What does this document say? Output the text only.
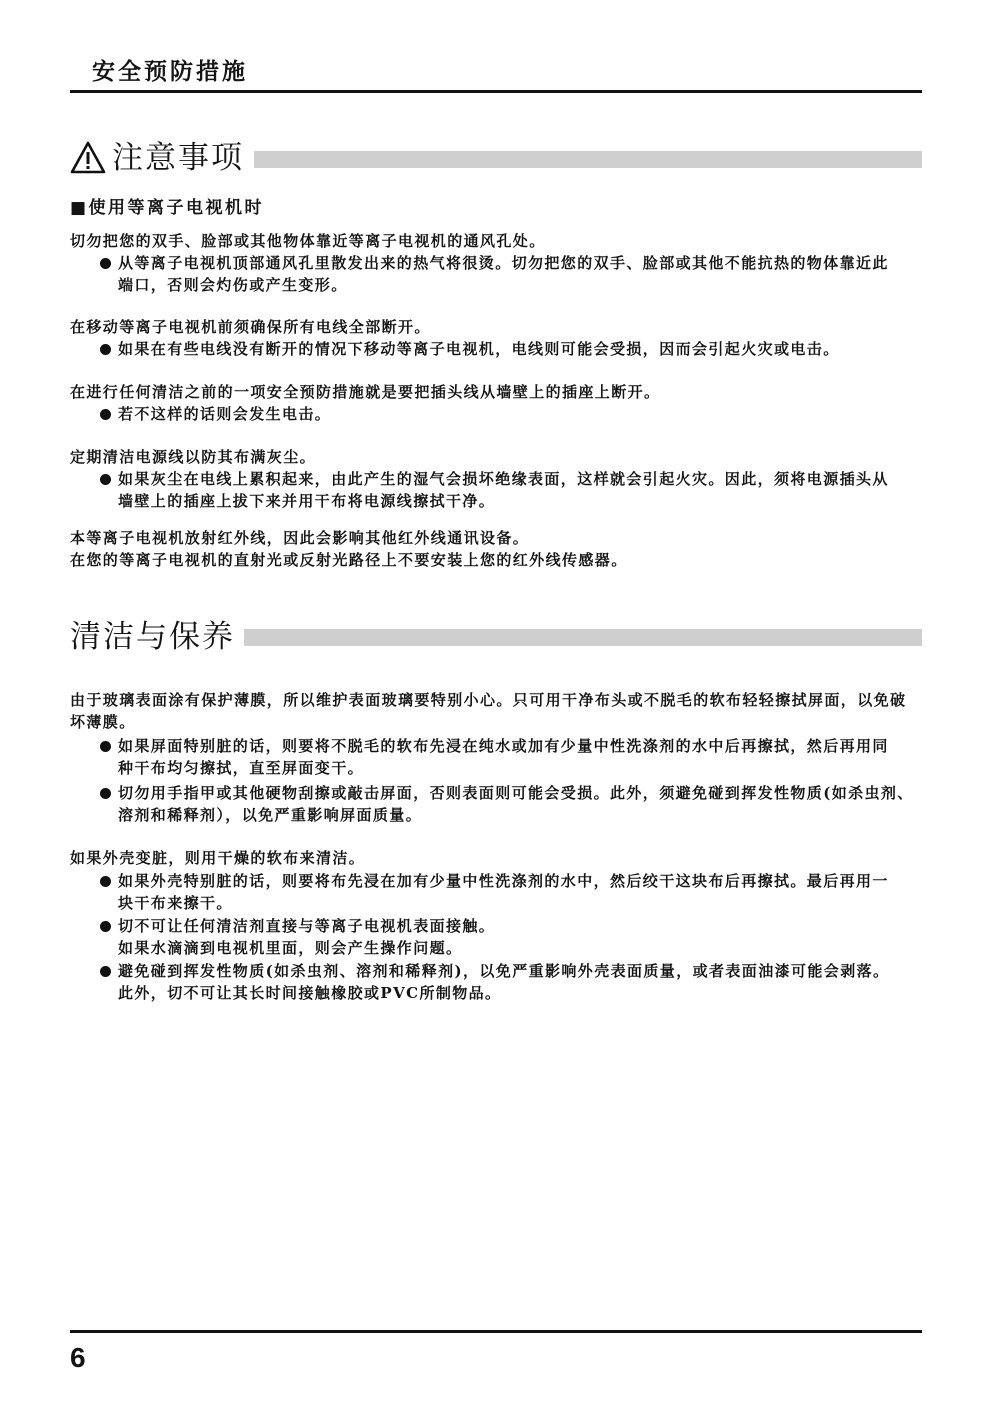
安全预防措施
注意事项
■使用等离子电视机时
切勿把您的双手、脸部或其他物体靠近等离子电视机的通风孔处。
从等离子电视机顶部通风孔里散发出来的热气将很烫。切勿把您的双手、脸部或其他不能抗热的物体靠近此
端口，否则会灼伤或产生变形。
在移动等离子电视机前须确保所有电线全部断开。
如果在有些电线没有断开的情况下移动等离子电视机，电线则可能会受损，因而会引起火灾或电击。
在进行任何清洁之前的一项安全预防措施就是要把插头线从墙壁上的插座上断开。
若不这样的话则会发生电击。
定期清洁电源线以防其布满灰尘。
如果灰尘在电线上累积起来，由此产生的湿气会损坏绝缘表面，这样就会引起火灾。因此，须将电源插头从
墙壁上的插座上拔下来并用干布将电源线擦拭干净。
本等离子电视机放射红外线，因此会影响其他红外线通讯设备。
在您的等离子电视机的直射光或反射光路径上不要安装上您的红外线传感器。
清洁与保养
由于玻璃表面涂有保护薄膜，所以维护表面玻璃要特别小心。只可用干净布头或不脱毛的软布轻轻擦拭屏面，以免破
坏薄膜。
如果屏面特别脏的话，则要将不脱毛的软布先浸在纯水或加有少量中性洗涤剂的水中后再擦拭，然后再用同
种干布均匀擦拭，直至屏面变干。
切勿用手指甲或其他硬物刮擦或敲击屏面，否则表面则可能会受损。此外，须避免碰到挥发性物质(如杀虫剂、
溶剂和稀释剂），以免严重影响屏面质量。
如果外壳变脏，则用干燥的软布来清洁。
如果外壳特别脏的话，则要将布先浸在加有少量中性洗涤剂的水中，然后绞干这块布后再擦拭。最后再用一
块干布来擦干。
切不可让任何清洁剂直接与等离子电视机表面接触。
如果水滴滴到电视机里面，则会产生操作问题。
避免碰到挥发性物质(如杀虫剂、溶剂和稀释剂)，以免严重影响外壳表面质量，或者表面油漆可能会剥落。
此外，切不可让其长时间接触橡胶或PVC所制物品。
6
